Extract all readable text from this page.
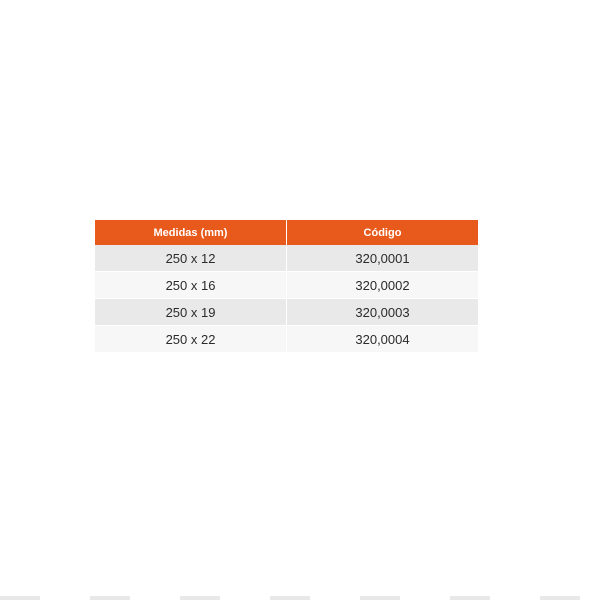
Medidas (mm)	Código
250 x 12	320,0001
250 x 16	320,0002
250 x 19	320,0003
250 x 22	320,0004
